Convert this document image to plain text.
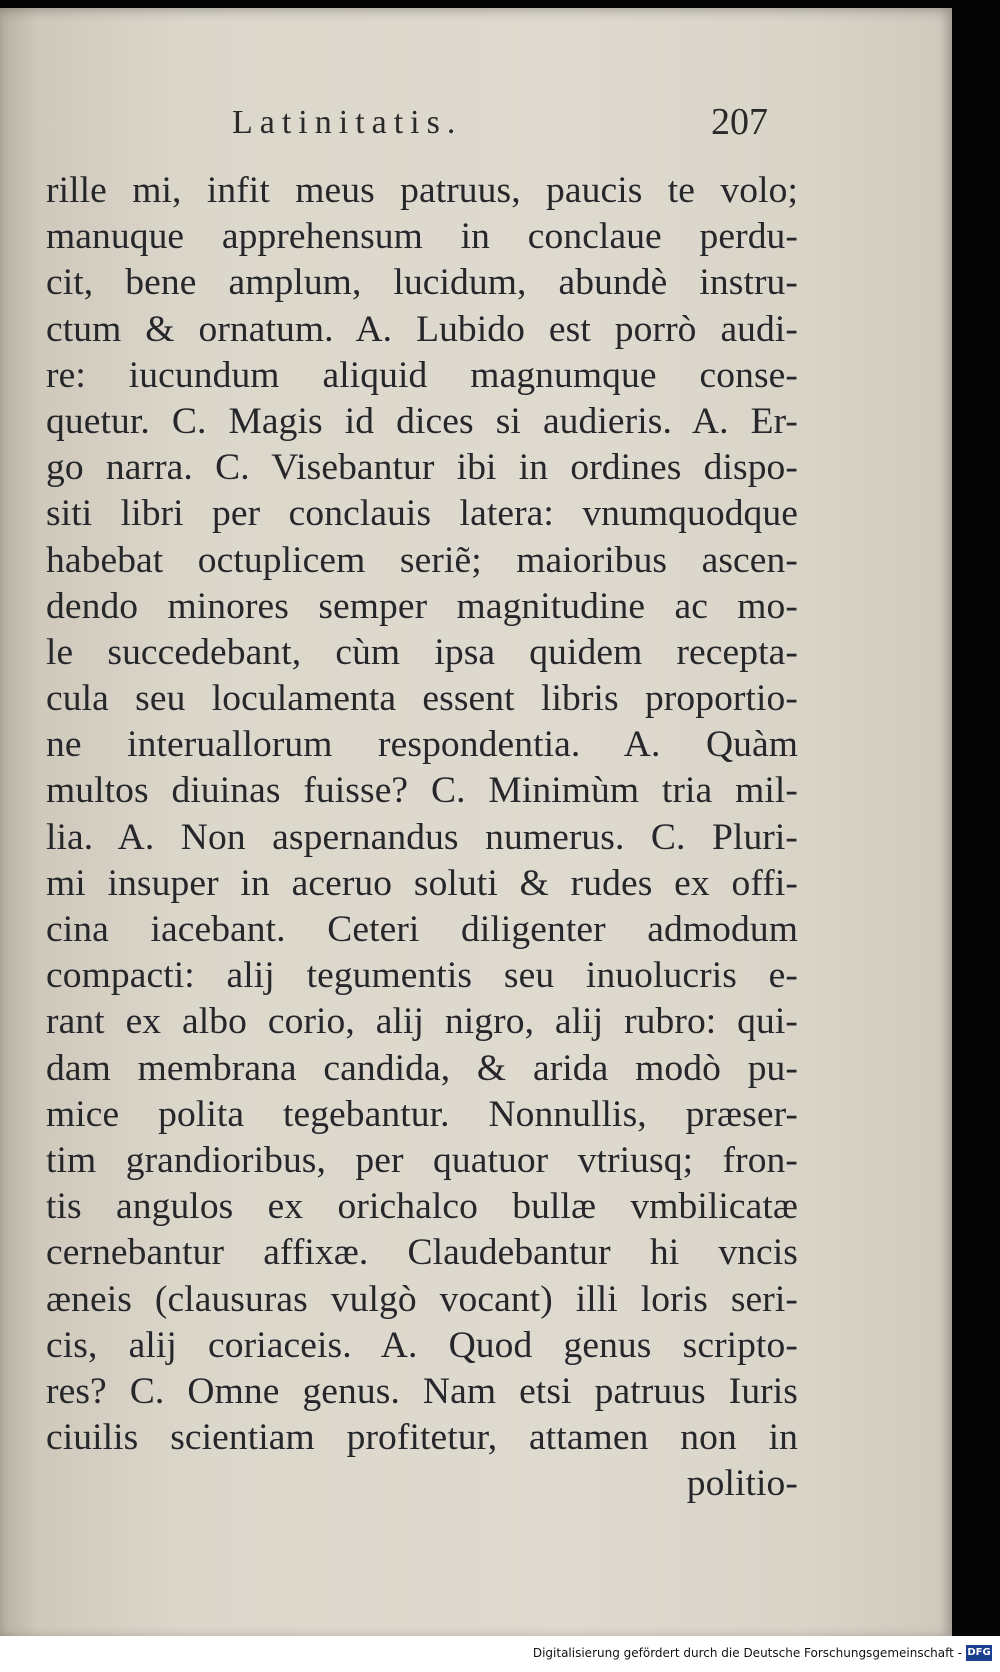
Latinitatis.	207
rille mi, infit meus patruus, paucis te volo;
manuque apprehensum in conclaue perdu-
cit, bene amplum, lucidum, abundè instru-
ctum & ornatum. A. Lubido est porrò audi-
re: iucundum aliquid magnumque conse-
quetur. C. Magis id dices si audieris. A. Er-
go narra. C. Visebantur ibi in ordines dispo-
siti libri per conclauis latera: vnumquodque
habebat octuplicem seriẽ; maioribus ascen-
dendo minores semper magnitudine ac mo-
le succedebant, cùm ipsa quidem recepta-
cula seu loculamenta essent libris proportio-
ne interuallorum respondentia. A. Quàm
multos diuinas fuisse? C. Minimùm tria mil-
lia. A. Non aspernandus numerus. C. Pluri-
mi insuper in aceruo soluti & rudes ex offi-
cina iacebant. Ceteri diligenter admodum
compacti: alij tegumentis seu inuolucris e-
rant ex albo corio, alij nigro, alij rubro: qui-
dam membrana candida, & arida modò pu-
mice polita tegebantur. Nonnullis, præser-
tim grandioribus, per quatuor vtriusq; fron-
tis angulos ex orichalco bullæ vmbilicatæ
cernebantur affixæ. Claudebantur hi vncis
æneis (clausuras vulgò vocant) illi loris seri-
cis, alij coriaceis. A. Quod genus scripto-
res? C. Omne genus. Nam etsi patruus Iuris
ciuilis scientiam profitetur, attamen non in
politio-
Digitalisierung gefördert durch die Deutsche Forschungsgemeinschaft - DFG
